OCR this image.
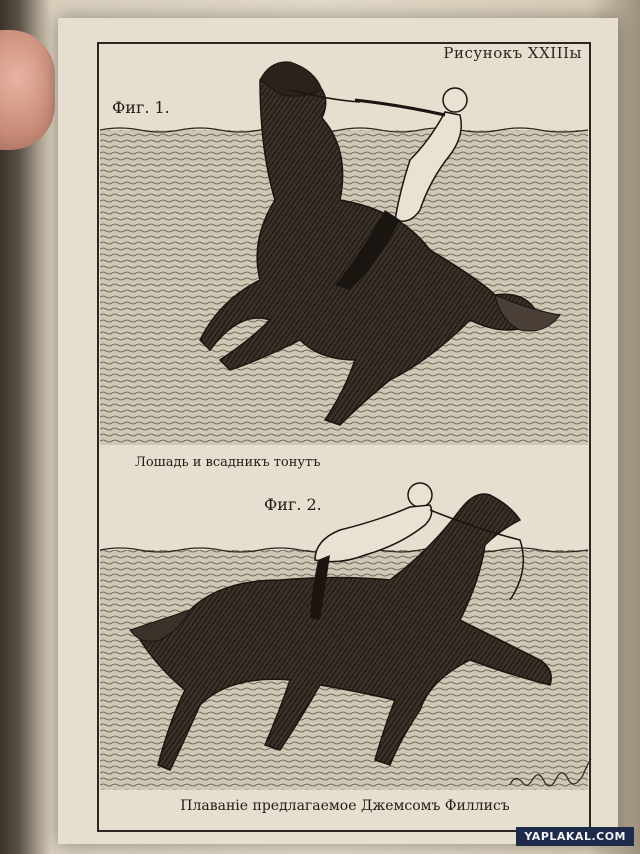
Рисунокъ XXIIIы
Фиг. 1.
Лошадь и всадникъ тонутъ
Фиг. 2.
Плаванiе предлагаемое Джемсомъ Филлисъ
YAPLAKAL.COM
